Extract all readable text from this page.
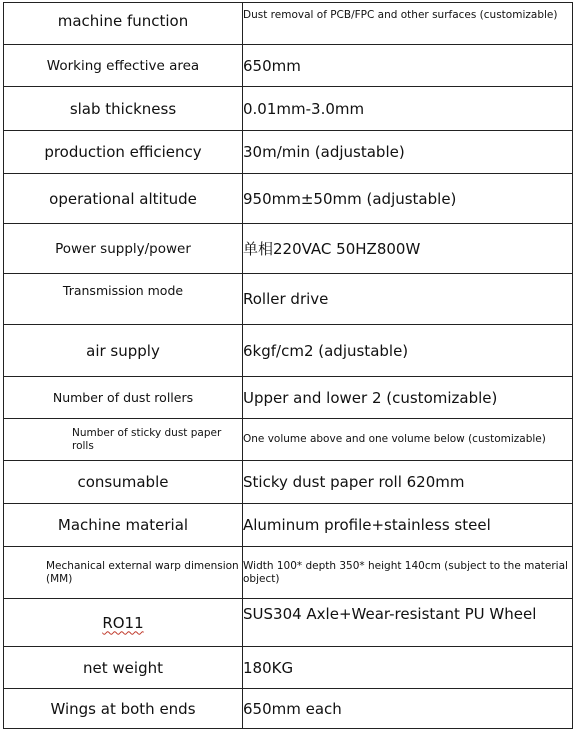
machine function	Dust removal of PCB/FPC and other surfaces (customizable)
Working effective area	650mm
slab thickness	0.01mm-3.0mm
production efficiency	30m/min (adjustable)
operational altitude	950mm±50mm (adjustable)
Power supply/power	单相220VAC 50HZ800W
Transmission mode	Roller drive
air supply	6kgf/cm2 (adjustable)
Number of dust rollers	Upper and lower 2 (customizable)
Number of sticky dust paper rolls	One volume above and one volume below (customizable)
consumable	Sticky dust paper roll 620mm
Machine material	Aluminum profile+stainless steel
Mechanical external warp dimension (MM)	Width 100* depth 350* height 140cm (subject to the material object)
RO11	SUS304 Axle+Wear-resistant PU Wheel
net weight	180KG
Wings at both ends	650mm each
